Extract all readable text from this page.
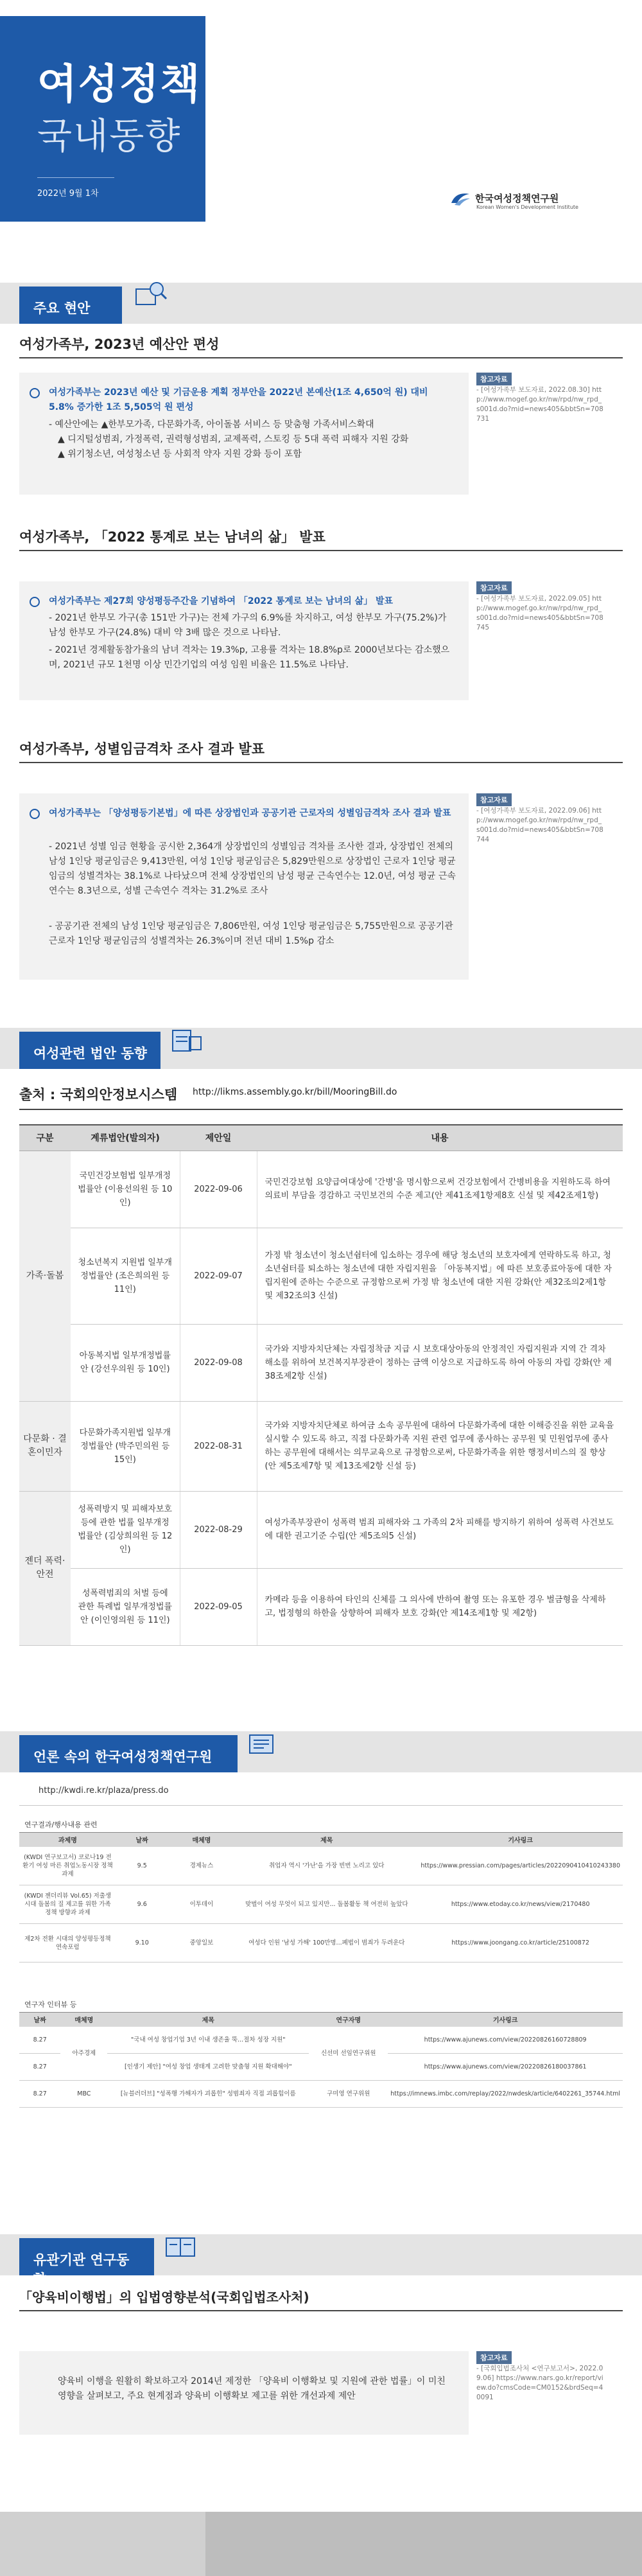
여성정책
국내동향
2022년 9월 1차	한국여성정책연구원
Korean Women's Development Institute
주요 현안
여성가족부, 2023년 예산안 편성
여성가족부는 2023년 예산 및 기금운용 계획 정부안을 2022년 본예산(1조 4,650억 원) 대비 5.8% 증가한 1조 5,505억 원 편성
- 예산안에는 ▲한부모가족, 다문화가족, 아이돌봄 서비스 등 맞춤형 가족서비스확대
▲ 디지털성범죄, 가정폭력, 권력형성범죄, 교제폭력, 스토킹 등 5대 폭력 피해자 지원 강화
▲ 위기청소년, 여성청소년 등 사회적 약자 지원 강화 등이 포함
참고자료
- [여성가족부 보도자료, 2022.08.30] http://www.mogef.go.kr/nw/rpd/nw_rpd_s001d.do?mid=news405&bbtSn=708731
여성가족부, 「2022 통계로 보는 남녀의 삶」 발표
여성가족부는 제27회 양성평등주간을 기념하여 「2022 통계로 보는 남녀의 삶」 발표
- 2021년 한부모 가구(총 151만 가구)는 전체 가구의 6.9%를 차지하고, 여성 한부모 가구(75.2%)가 남성 한부모 가구(24.8%) 대비 약 3배 많은 것으로 나타남.
- 2021년 경제활동참가율의 남녀 격차는 19.3%p, 고용률 격차는 18.8%p로 2000년보다는 감소했으며, 2021년 규모 1천명 이상 민간기업의 여성 임원 비율은 11.5%로 나타남.
참고자료
- [여성가족부 보도자료, 2022.09.05] http://www.mogef.go.kr/nw/rpd/nw_rpd_s001d.do?mid=news405&bbtSn=708745
여성가족부, 성별임금격차 조사 결과 발표
여성가족부는 「양성평등기본법」에 따른 상장법인과 공공기관 근로자의 성별임금격차 조사 결과 발표
- 2021년 성별 임금 현황을 공시한 2,364개 상장법인의 성별임금 격차를 조사한 결과, 상장법인 전체의 남성 1인당 평균임금은 9,413만원, 여성 1인당 평균임금은 5,829만원으로 상장법인 근로자 1인당 평균임금의 성별격차는 38.1%로 나타났으며 전체 상장법인의 남성 평균 근속연수는 12.0년, 여성 평균 근속연수는 8.3년으로, 성별 근속연수 격차는 31.2%로 조사
- 공공기관 전체의 남성 1인당 평균임금은 7,806만원, 여성 1인당 평균임금은 5,755만원으로 공공기관 근로자 1인당 평균임금의 성별격차는 26.3%이며 전년 대비 1.5%p 감소
참고자료
- [여성가족부 보도자료, 2022.09.06] http://www.mogef.go.kr/nw/rpd/nw_rpd_s001d.do?mid=news405&bbtSn=708744
여성관련 법안 동향
출처 : 국회의안정보시스템 http://likms.assembly.go.kr/bill/MooringBill.do
구분	계류법안(발의자)	제안일	내용
가족·돌봄	국민건강보험법 일부개정법률안 (이용선의원 등 10인)	2022-09-06	국민건강보험 요양급여대상에 '간병'을 명시함으로써 건강보험에서 간병비용을 지원하도록 하여 의료비 부담을 경감하고 국민보건의 수준 제고(안 제41조제1항제8호 신설 및 제42조제1항)
	청소년복지 지원법 일부개정법률안 (조은희의원 등 11인)	2022-09-07	가정 밖 청소년이 청소년쉼터에 입소하는 경우에 해당 청소년의 보호자에게 연락하도록 하고, 청소년쉼터를 퇴소하는 청소년에 대한 자립지원을 「아동복지법」에 따른 보호종료아동에 대한 자립지원에 준하는 수준으로 규정함으로써 가정 밖 청소년에 대한 지원 강화(안 제32조의2제1항 및 제32조의3 신설)
	아동복지법 일부개정법률안 (강선우의원 등 10인)	2022-09-08	국가와 지방자치단체는 자립정착금 지급 시 보호대상아동의 안정적인 자립지원과 지역 간 격차 해소를 위하여 보건복지부장관이 정하는 금액 이상으로 지급하도록 하여 아동의 자립 강화(안 제38조제2항 신설)
다문화 · 결혼이민자	다문화가족지원법 일부개정법률안 (박주민의원 등 15인)	2022-08-31	국가와 지방자치단체로 하여금 소속 공무원에 대하여 다문화가족에 대한 이해증진을 위한 교육을 실시할 수 있도록 하고, 직접 다문화가족 지원 관련 업무에 종사하는 공무원 및 민원업무에 종사하는 공무원에 대해서는 의무교육으로 규정함으로써, 다문화가족을 위한 행정서비스의 질 향상(안 제5조제7항 및 제13조제2항 신설 등)
젠더 폭력· 안전	성폭력방지 및 피해자보호 등에 관한 법률 일부개정법률안 (김상희의원 등 12인)	2022-08-29	여성가족부장관이 성폭력 범죄 피해자와 그 가족의 2차 피해를 방지하기 위하여 성폭력 사건보도에 대한 권고기준 수립(안 제5조의5 신설)
	성폭력범죄의 처벌 등에 관한 특례법 일부개정법률안 (이인영의원 등 11인)	2022-09-05	카메라 등을 이용하여 타인의 신체를 그 의사에 반하여 촬영 또는 유포한 경우 벌금형을 삭제하고, 법정형의 하한을 상향하여 피해자 보호 강화(안 제14조제1항 및 제2항)
언론 속의 한국여성정책연구원
http://kwdi.re.kr/plaza/press.do
연구결과/행사내용 관련
과제명	날짜	매체명	제목	기사링크
(KWDI 연구보고서) 코로나19 전환기 여성 마른 취업노동시장 정책과제	9.5	경제뉴스	취업자 역시 '가난'을 가장 빈번 노리고 있다	https://www.pressian.com/pages/articles/2022090410410243380
(KWDI 젠더리뷰 Vol.65) 저출생시대 돌봄의 질 제고를 위한 가족정책 방향과 과제	9.6	이투데이	맞벌이 여성 무엇이 되고 있지만... 돌봄활동 책 여전히 높았다	https://www.etoday.co.kr/news/view/2170480
제2차 전환 시대의 양성평등정책 연속포럼	9.10	중앙일보	여성다 인원 '남성 가해' 100만명...폐법이 범죄가 두려운다	https://www.joongang.co.kr/article/25100872
연구자 인터뷰 등
날짜	매체명	제목	연구자명	기사링크
8.27	아주경제	"국내 여성 창업기업 3년 이내 생존율 뚝...절차 성장 지원"	신선미 선임연구위원	https://www.ajunews.com/view/20220826160728809
8.27		[인생기 제안] "여성 창업 생태계 고려한 맞춤형 지원 확대해야"		https://www.ajunews.com/view/20220826180037861
8.27	MBC	[뉴블러더브] "성폭행 가해자가 괴롭힌" 성범죄자 직접 괴롭힘이름	구미영 연구위원	https://imnews.imbc.com/replay/2022/nwdesk/article/6402261_35744.html
유관기관 연구동향
「양육비이행법」의 입법영향분석(국회입법조사처)
양육비 이행을 원활히 확보하고자 2014년 제정한 「양육비 이행확보 및 지원에 관한 법률」이 미친 영향을 살펴보고, 주요 현계점과 양육비 이행확보 제고를 위한 개선과제 제안
참고자료
- [국회입법조사처 <연구보고서>, 2022.09.06] https://www.nars.go.kr/report/view.do?cmsCode=CM0152&brdSeq=40091
